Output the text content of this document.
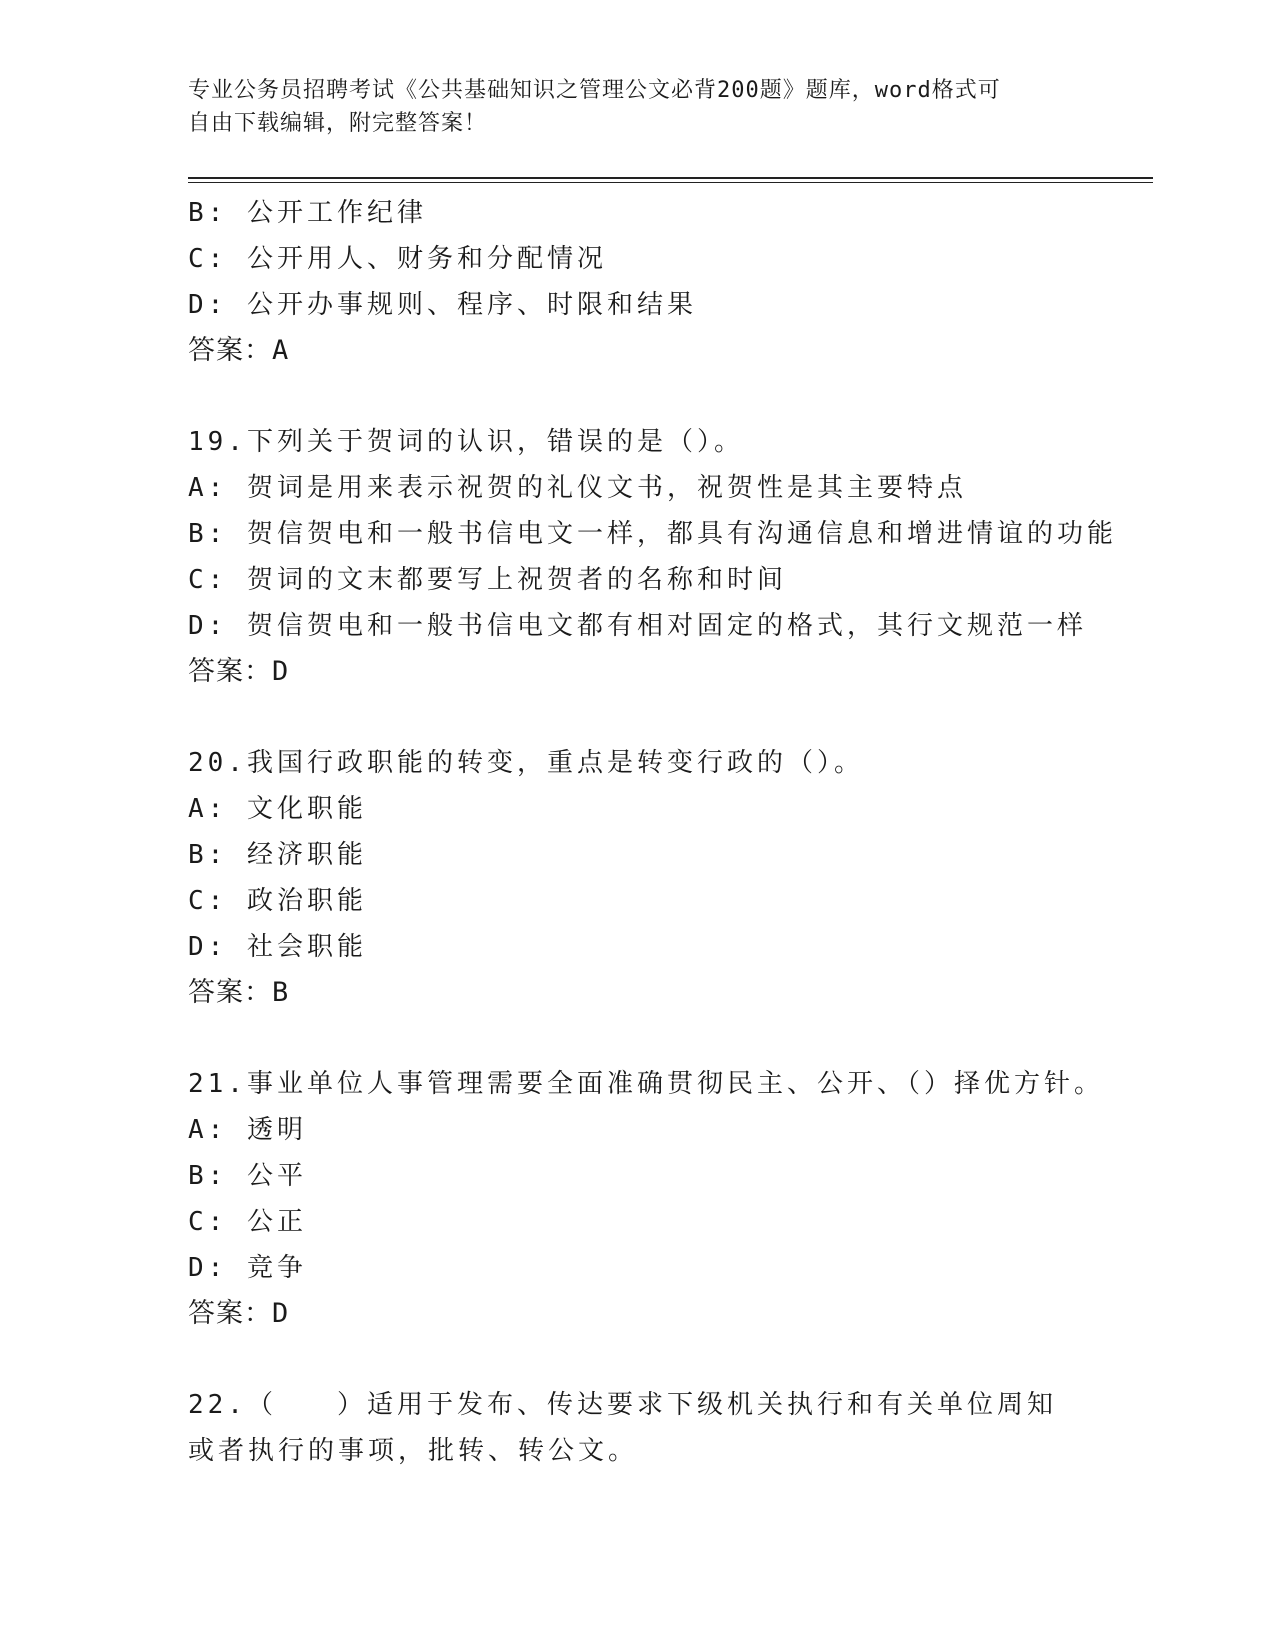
专业公务员招聘考试《公共基础知识之管理公文必背200题》题库，word格式可
自由下载编辑，附完整答案！
B: 公开工作纪律
C: 公开用人、财务和分配情况
D: 公开办事规则、程序、时限和结果
答案：A
19.下列关于贺词的认识，错误的是（）。
A: 贺词是用来表示祝贺的礼仪文书，祝贺性是其主要特点
B: 贺信贺电和一般书信电文一样，都具有沟通信息和增进情谊的功能
C: 贺词的文末都要写上祝贺者的名称和时间
D: 贺信贺电和一般书信电文都有相对固定的格式，其行文规范一样
答案：D
20.我国行政职能的转变，重点是转变行政的（）。
A: 文化职能
B: 经济职能
C: 政治职能
D: 社会职能
答案：B
21.事业单位人事管理需要全面准确贯彻民主、公开、（）择优方针。
A: 透明
B: 公平
C: 公正
D: 竞争
答案：D
22.（　　）适用于发布、传达要求下级机关执行和有关单位周知或者执行的事项，批转、转公文。
